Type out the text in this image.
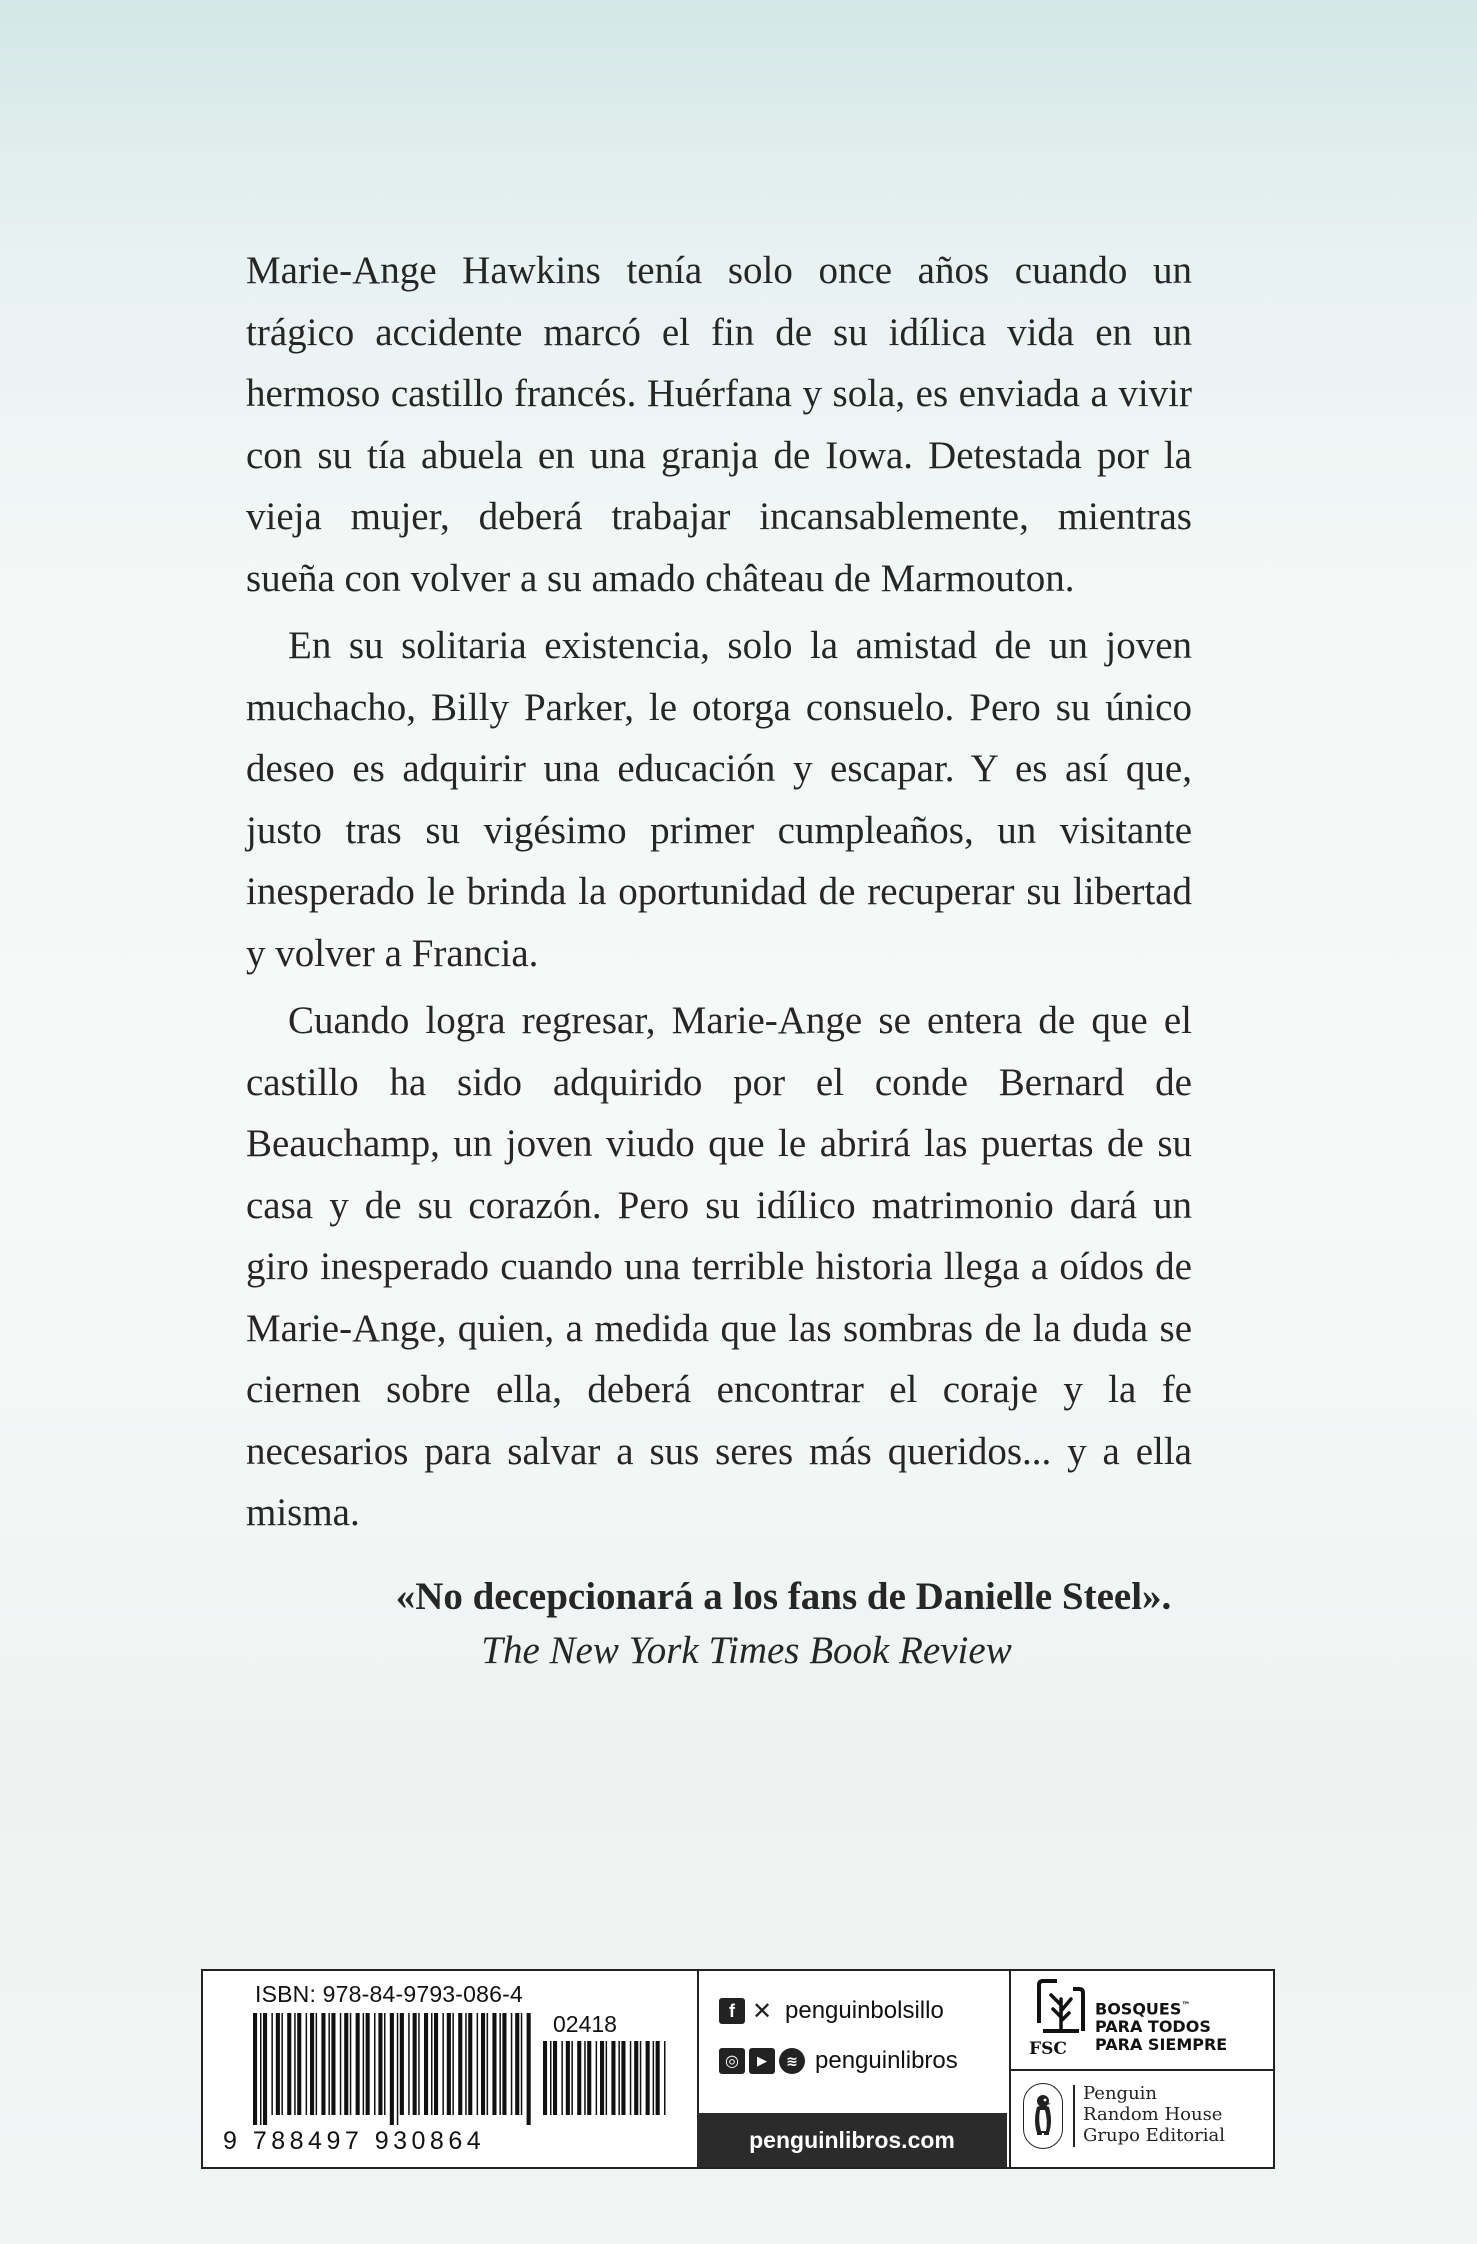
Marie-Ange Hawkins tenía solo once años cuando un trágico accidente marcó el fin de su idílica vida en un hermoso castillo francés. Huérfana y sola, es enviada a vivir con su tía abuela en una granja de Iowa. Detestada por la vieja mujer, deberá trabajar incansablemente, mientras sueña con volver a su amado château de Marmouton.

En su solitaria existencia, solo la amistad de un joven muchacho, Billy Parker, le otorga consuelo. Pero su único deseo es adquirir una educación y escapar. Y es así que, justo tras su vigésimo primer cumpleaños, un visitante inesperado le brinda la oportunidad de recuperar su libertad y volver a Francia.

Cuando logra regresar, Marie-Ange se entera de que el castillo ha sido adquirido por el conde Bernard de Beauchamp, un joven viudo que le abrirá las puertas de su casa y de su corazón. Pero su idílico matrimonio dará un giro inesperado cuando una terrible historia llega a oídos de Marie-Ange, quien, a medida que las sombras de la duda se ciernen sobre ella, deberá encontrar el coraje y la fe necesarios para salvar a sus seres más queridos... y a ella misma.

«No decepcionará a los fans de Danielle Steel».
The New York Times Book Review
ISBN: 978-84-9793-086-4
02418
9 788497 930864
f ✕ penguinbolsillo
◎	▶	≋ penguinlibros
penguinlibros.com
BOSQUES™
PARA TODOS
PARA SIEMPRE
FSC
Penguin
Random House
Grupo Editorial
